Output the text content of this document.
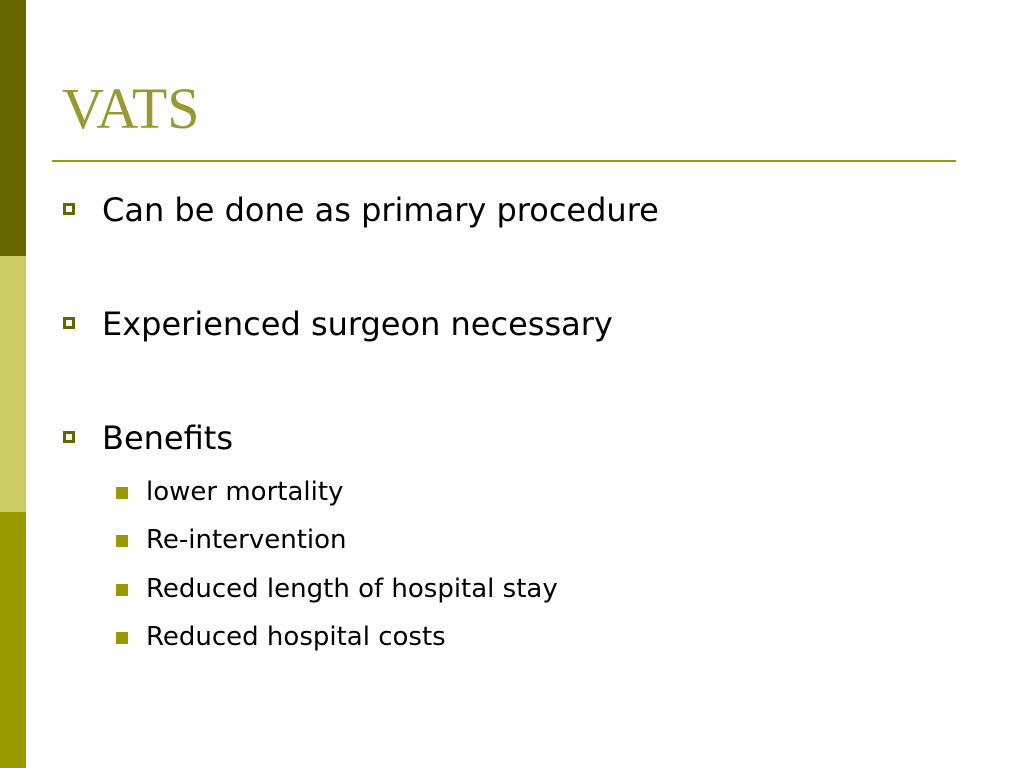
VATS
Can be done as primary procedure
Experienced surgeon necessary
Benefits
lower mortality
Re-intervention
Reduced length of hospital stay
Reduced hospital costs
